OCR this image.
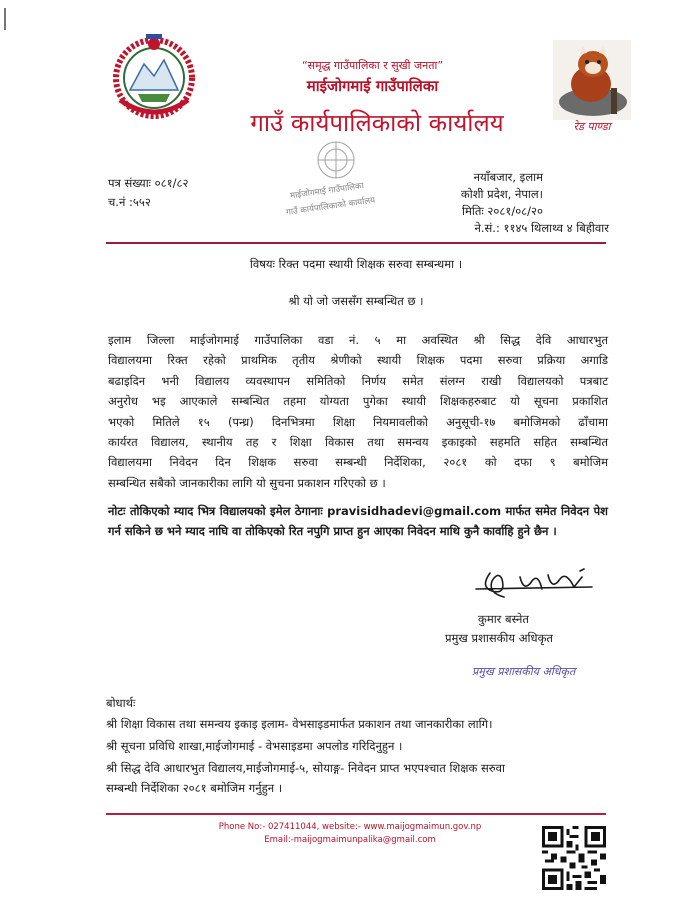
“समृद्ध गाउँपालिका र सुखी जनता”
माईजोगमाई गाउँपालिका
गाउँ कार्यपालिकाको कार्यालय	रेड पाण्डा
माईजोगमाई गाउँपालिका
गाउँ कार्यपालिकाको कार्यालय
पत्र संख्याः ०८१/८२
च.नं :५५२
नयाँबजार, इलाम
कोशी प्रदेश, नेपाल।
मितिः २०८१/०८/२०
ने.सं.: ११४५ थिलाथ्व ४ बिहीवार
विषयः रिक्त पदमा स्थायी शिक्षक सरुवा सम्बन्धमा ।
श्री यो जो जससँग सम्बन्धित छ ।
इलाम जिल्ला माईजोगमाई गाउँपालिका वडा नं. ५ मा अवस्थित श्री सिद्ध देवि आधारभुत
विद्यालयमा रिक्त रहेको प्राथमिक तृतीय श्रेणीको स्थायी शिक्षक पदमा सरुवा प्रक्रिया अगाडि
बढाइदिन भनी विद्यालय व्यवस्थापन समितिको निर्णय समेत संलग्न राखी विद्यालयको पत्रबाट
अनुरोध भइ आएकाले सम्बन्धित तहमा योग्यता पुगेका स्थायी शिक्षकहरुबाट यो सूचना प्रकाशित
भएको मितिले १५ (पन्ध्र) दिनभित्रमा शिक्षा नियमावलीको अनुसूची-१७ बमोजिमको ढाँचामा
कार्यरत विद्यालय, स्थानीय तह र शिक्षा विकास तथा समन्वय इकाइको सहमति सहित सम्बन्धित
विद्यालयमा निवेदन दिन शिक्षक सरुवा सम्बन्धी निर्देशिका, २०८१ को दफा ९ बमोजिम
सम्बन्धित सबैको जानकारीका लागि यो सुचना प्रकाशन गरिएको छ ।
नोटः तोकिएको म्याद भित्र विद्यालयको इमेल ठेगानाः pravisidhadevi@gmail.com मार्फत समेत निवेदन पेश गर्न सकिने छ भने म्याद नाघि वा तोकिएको रित नपुगि प्राप्त हुन आएका निवेदन माथि कुनै कार्वाहि हुने छैन ।
कुमार बस्नेत
प्रमुख प्रशासकीय अधिकृत
प्रमुख प्रशासकीय अधिकृत
बोधार्थः
श्री शिक्षा विकास तथा समन्वय इकाइ इलाम- वेभसाइडमार्फत प्रकाशन तथा जानकारीका लागि।
श्री सूचना प्रविधि शाखा,माईजोगमाई - वेभसाइडमा अपलोड गरिदिनुहुन ।
श्री सिद्ध देवि आधारभुत विद्यालय,माईजोगमाई-५, सोयाङ्ग- निवेदन प्राप्त भएपश्चात शिक्षक सरुवा
सम्बन्धी निर्देशिका २०८१ बमोजिम गर्नुहुन ।
Phone No:- 027411044, website:- www.maijogmaimun.gov.np
Email:-maijogmaimunpalika@gmail.com
